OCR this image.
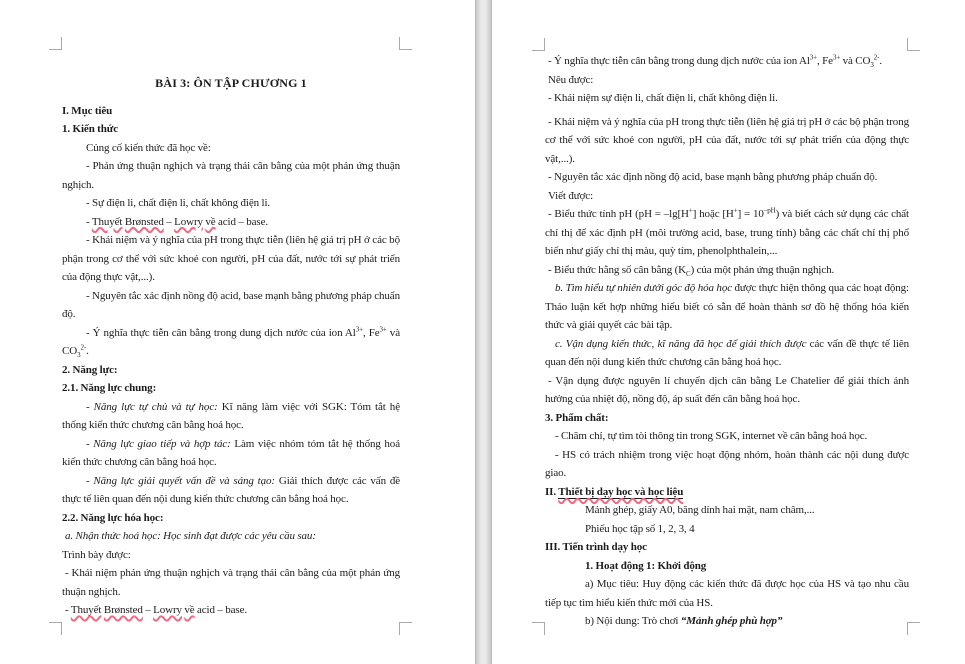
BÀI 3: ÔN TẬP CHƯƠNG 1

I. Mục tiêu

1. Kiến thức

Củng cố kiến thức đã học về:

- Phản ứng thuận nghịch và trạng thái cân bằng của một phản ứng thuận nghịch.

- Sự điện li, chất điện li, chất không điện li.

- Thuyết Brønsted – Lowry về acid – base.

- Khái niệm và ý nghĩa của pH trong thực tiễn (liên hệ giá trị pH ở các bộ phận trong cơ thể với sức khoẻ con người, pH của đất, nước tới sự phát triển của động thực vật,...).

- Nguyên tắc xác định nồng độ acid, base mạnh bằng phương pháp chuẩn độ.

- Ý nghĩa thực tiễn cân bằng trong dung dịch nước của ion $Al^{3+}$, $Fe^{3+}$ và $CO_3^{2-}$.

2. Năng lực:

2.1. Năng lực chung:

- Năng lực tự chủ và tự học: Kĩ năng làm việc với SGK: Tóm tắt hệ thống kiến thức chương cân bằng hoá học.

- Năng lực giao tiếp và hợp tác: Làm việc nhóm tóm tắt hệ thống hoá kiến thức chương cân bằng hoá học.

- Năng lực giải quyết vấn đề và sáng tạo: Giải thích được các vấn đề thực tế liên quan đến nội dung kiến thức chương cân bằng hoá học.

2.2. Năng lực hóa học:

a. Nhận thức hoá học: Học sinh đạt được các yêu cầu sau:

Trình bày được:

- Khái niệm phản ứng thuận nghịch và trạng thái cân bằng của một phản ứng thuận nghịch.

- Thuyết Brønsted – Lowry về acid – base.

- Ý nghĩa thực tiễn cân bằng trong dung dịch nước của ion $Al^{3+}$, $Fe^{3+}$ và $CO_3^{2-}$.

Nêu được:

- Khái niệm sự điện li, chất điện li, chất không điện li.

- Khái niệm và ý nghĩa của pH trong thực tiễn (liên hệ giá trị pH ở các bộ phận trong cơ thể với sức khoẻ con người, pH của đất, nước tới sự phát triển của động thực vật,...).

- Nguyên tắc xác định nồng độ acid, base mạnh bằng phương pháp chuẩn độ.

Viết được:

- Biểu thức tính pH (pH = –lg[H+] hoặc $[H^+] = 10^{-pH}$) và biết cách sử dụng các chất chỉ thị để xác định pH (môi trường acid, base, trung tính) bằng các chất chỉ thị phổ biến như giấy chỉ thị màu, quỳ tím, phenolphthalein,...

- Biểu thức hằng số cân bằng $(K_C)$ của một phản ứng thuận nghịch.

b. Tìm hiểu tự nhiên dưới góc độ hóa học được thực hiện thông qua các hoạt động: Thảo luận kết hợp những hiểu biết có sẵn để hoàn thành sơ đồ hệ thống hóa kiến thức và giải quyết các bài tập.

c. Vận dụng kiến thức, kĩ năng đã học để giải thích được các vấn đề thực tế liên quan đến nội dung kiến thức chương cân bằng hoá học.

- Vận dụng được nguyên lí chuyển dịch cân bằng Le Chatelier để giải thích ảnh hưởng của nhiệt độ, nồng độ, áp suất đến cân bằng hoá học.

3. Phẩm chất:

- Chăm chỉ, tự tìm tòi thông tin trong SGK, internet về cân bằng hoá học.

- HS có trách nhiệm trong việc hoạt động nhóm, hoàn thành các nội dung được giao.

II. Thiết bị dạy học và học liệu

Mảnh ghép, giấy A0, băng dính hai mặt, nam châm,...

Phiếu học tập số 1, 2, 3, 4

III. Tiến trình dạy học

1. Hoạt động 1: Khởi động

a) Mục tiêu: Huy động các kiến thức đã được học của HS và tạo nhu cầu tiếp tục tìm hiểu kiến thức mới của HS.

b) Nội dung: Trò chơi “Mảnh ghép phù hợp”
